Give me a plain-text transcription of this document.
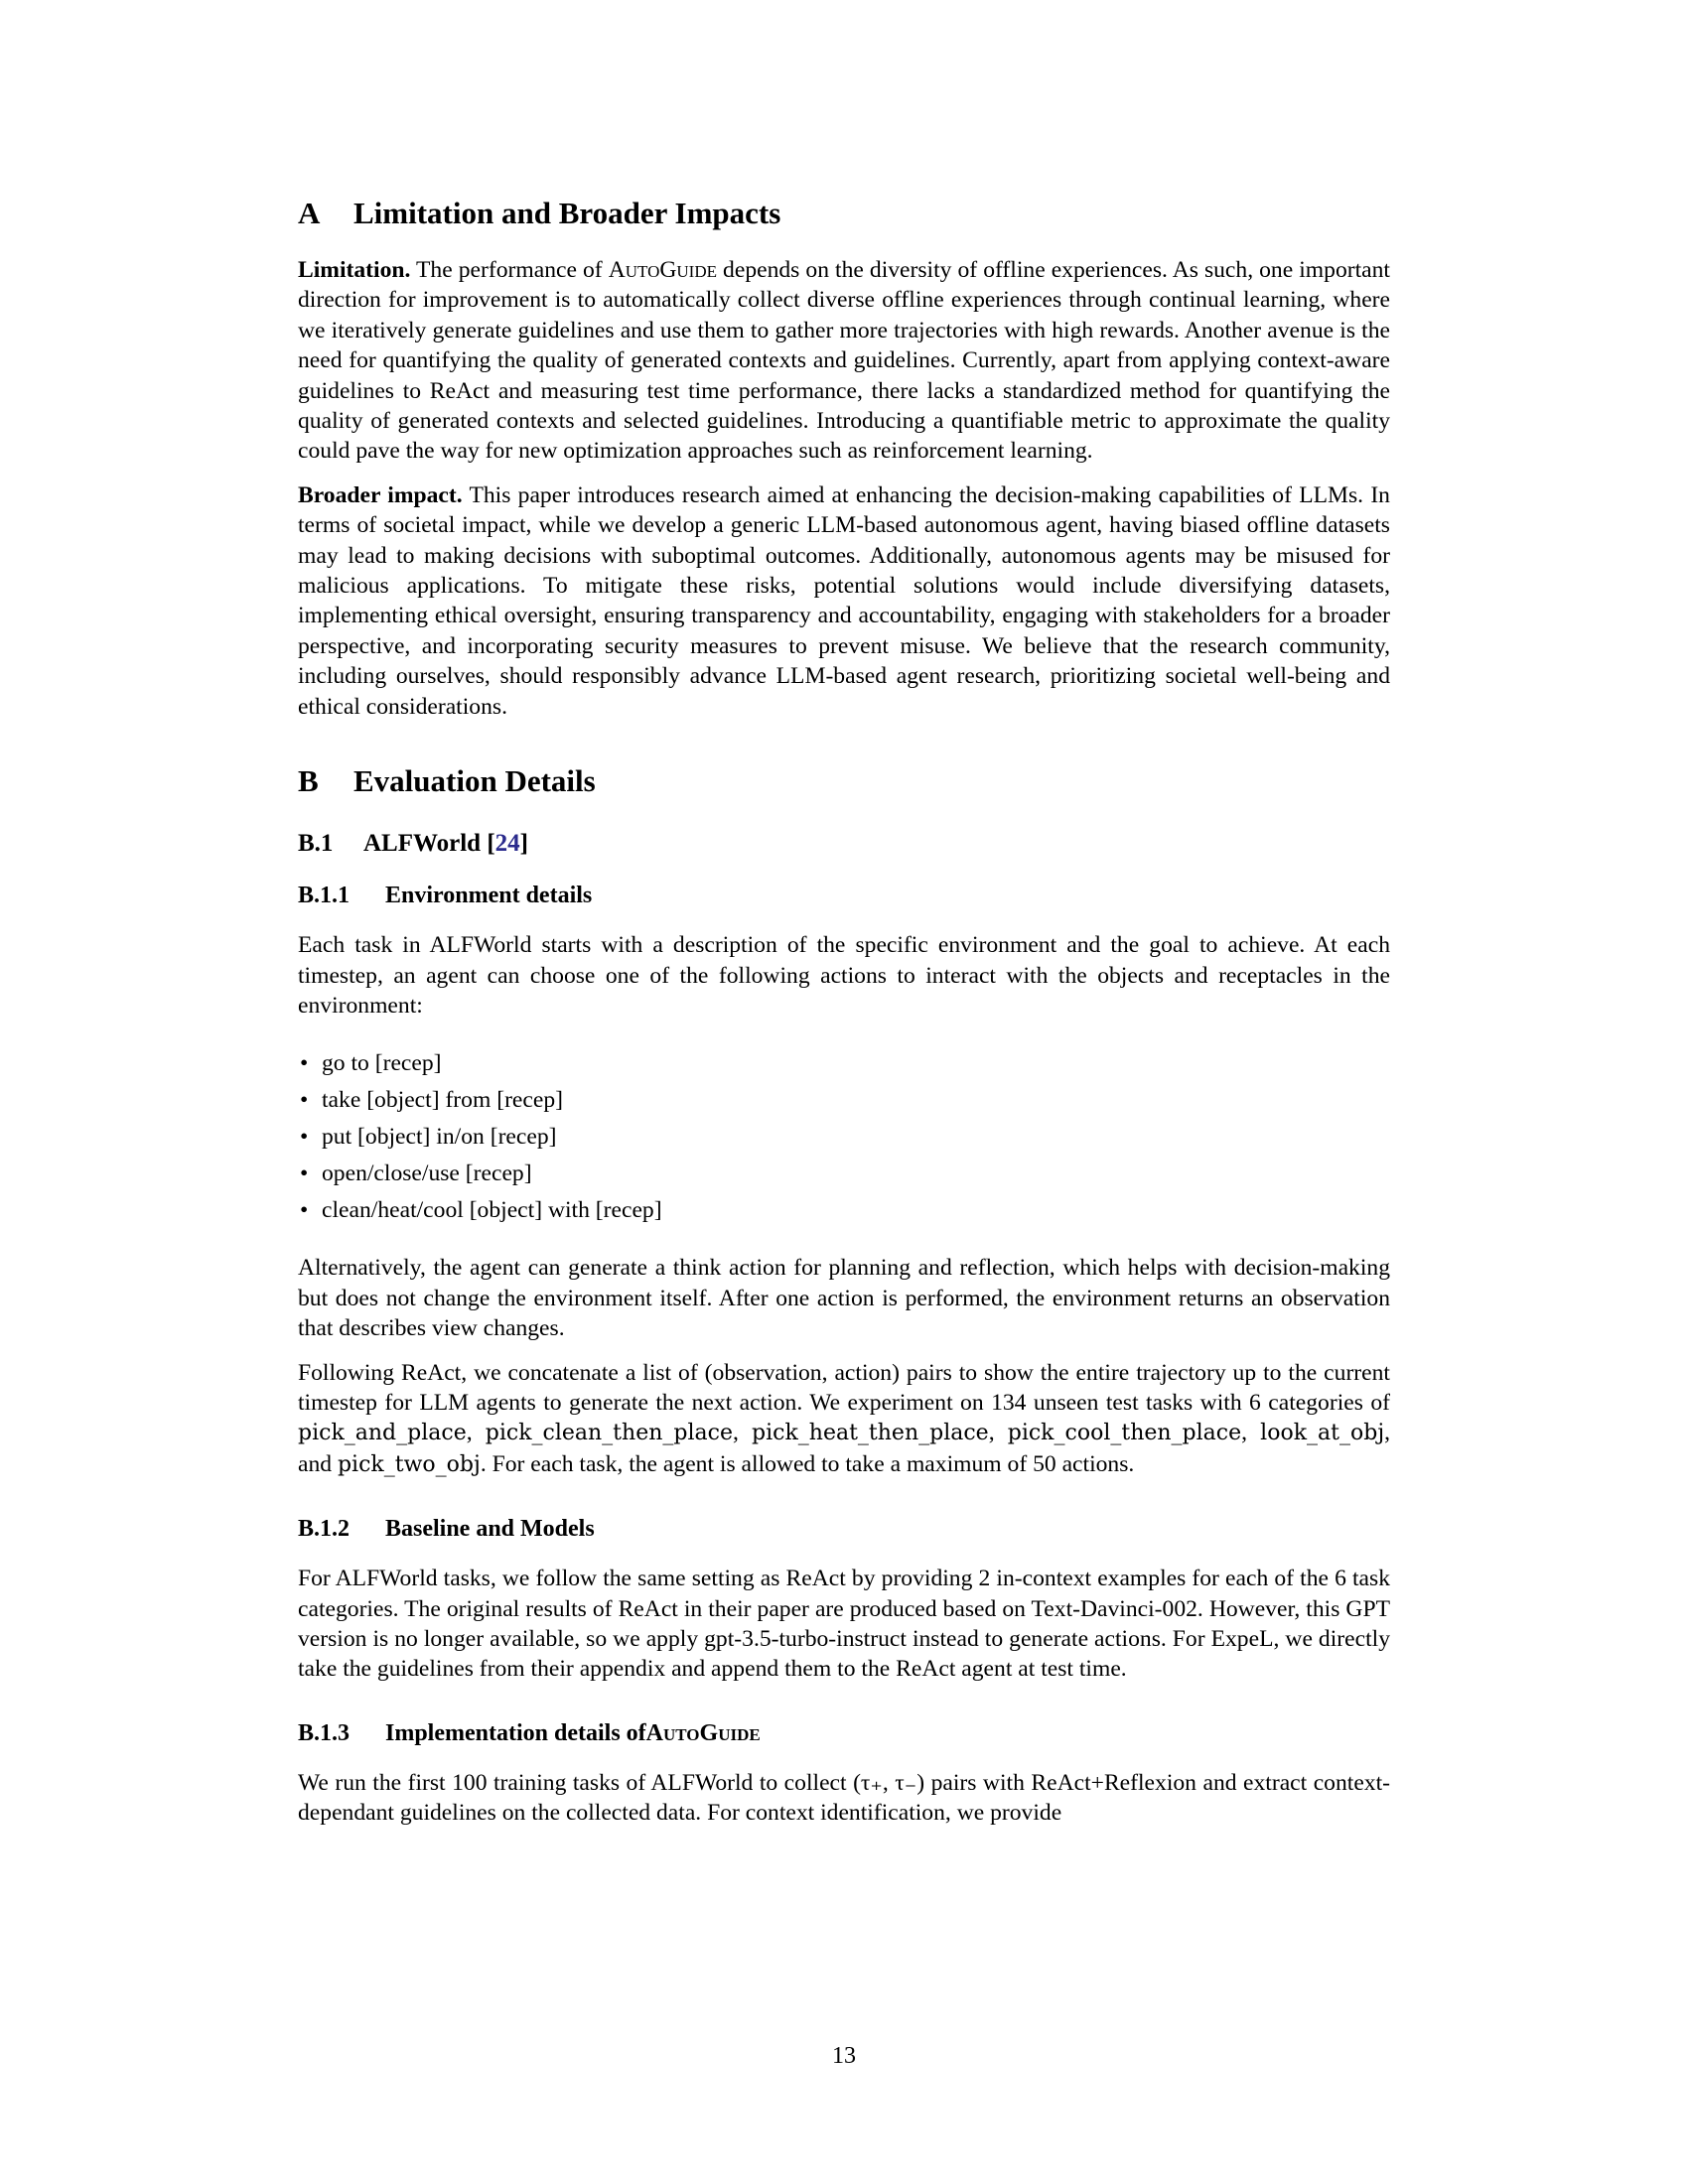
A Limitation and Broader Impacts

Limitation. The performance of AutoGuide depends on the diversity of offline experiences. As such, one important direction for improvement is to automatically collect diverse offline experiences through continual learning, where we iteratively generate guidelines and use them to gather more trajectories with high rewards. Another avenue is the need for quantifying the quality of generated contexts and guidelines. Currently, apart from applying context-aware guidelines to ReAct and measuring test time performance, there lacks a standardized method for quantifying the quality of generated contexts and selected guidelines. Introducing a quantifiable metric to approximate the quality could pave the way for new optimization approaches such as reinforcement learning.

Broader impact. This paper introduces research aimed at enhancing the decision-making capabilities of LLMs. In terms of societal impact, while we develop a generic LLM-based autonomous agent, having biased offline datasets may lead to making decisions with suboptimal outcomes. Additionally, autonomous agents may be misused for malicious applications. To mitigate these risks, potential solutions would include diversifying datasets, implementing ethical oversight, ensuring transparency and accountability, engaging with stakeholders for a broader perspective, and incorporating security measures to prevent misuse. We believe that the research community, including ourselves, should responsibly advance LLM-based agent research, prioritizing societal well-being and ethical considerations.

B Evaluation Details
B.1 ALFWorld [24]
B.1.1 Environment details

Each task in ALFWorld starts with a description of the specific environment and the goal to achieve. At each timestep, an agent can choose one of the following actions to interact with the objects and receptacles in the environment:

• go to [recep]
• take [object] from [recep]
• put [object] in/on [recep]
• open/close/use [recep]
• clean/heat/cool [object] with [recep]

Alternatively, the agent can generate a think action for planning and reflection, which helps with decision-making but does not change the environment itself. After one action is performed, the environment returns an observation that describes view changes.

Following ReAct, we concatenate a list of (observation, action) pairs to show the entire trajectory up to the current timestep for LLM agents to generate the next action. We experiment on 134 unseen test tasks with 6 categories of pick_and_place, pick_clean_then_place, pick_heat_then_place, pick_cool_then_place, look_at_obj, and pick_two_obj. For each task, the agent is allowed to take a maximum of 50 actions.

B.1.2 Baseline and Models

For ALFWorld tasks, we follow the same setting as ReAct by providing 2 in-context examples for each of the 6 task categories. The original results of ReAct in their paper are produced based on Text-Davinci-002. However, this GPT version is no longer available, so we apply gpt-3.5-turbo-instruct instead to generate actions. For ExpeL, we directly take the guidelines from their appendix and append them to the ReAct agent at test time.

B.1.3 Implementation details ofAutoGuide

We run the first 100 training tasks of ALFWorld to collect (τ₊, τ₋) pairs with ReAct+Reflexion and extract context-dependant guidelines on the collected data. For context identification, we provide

13
